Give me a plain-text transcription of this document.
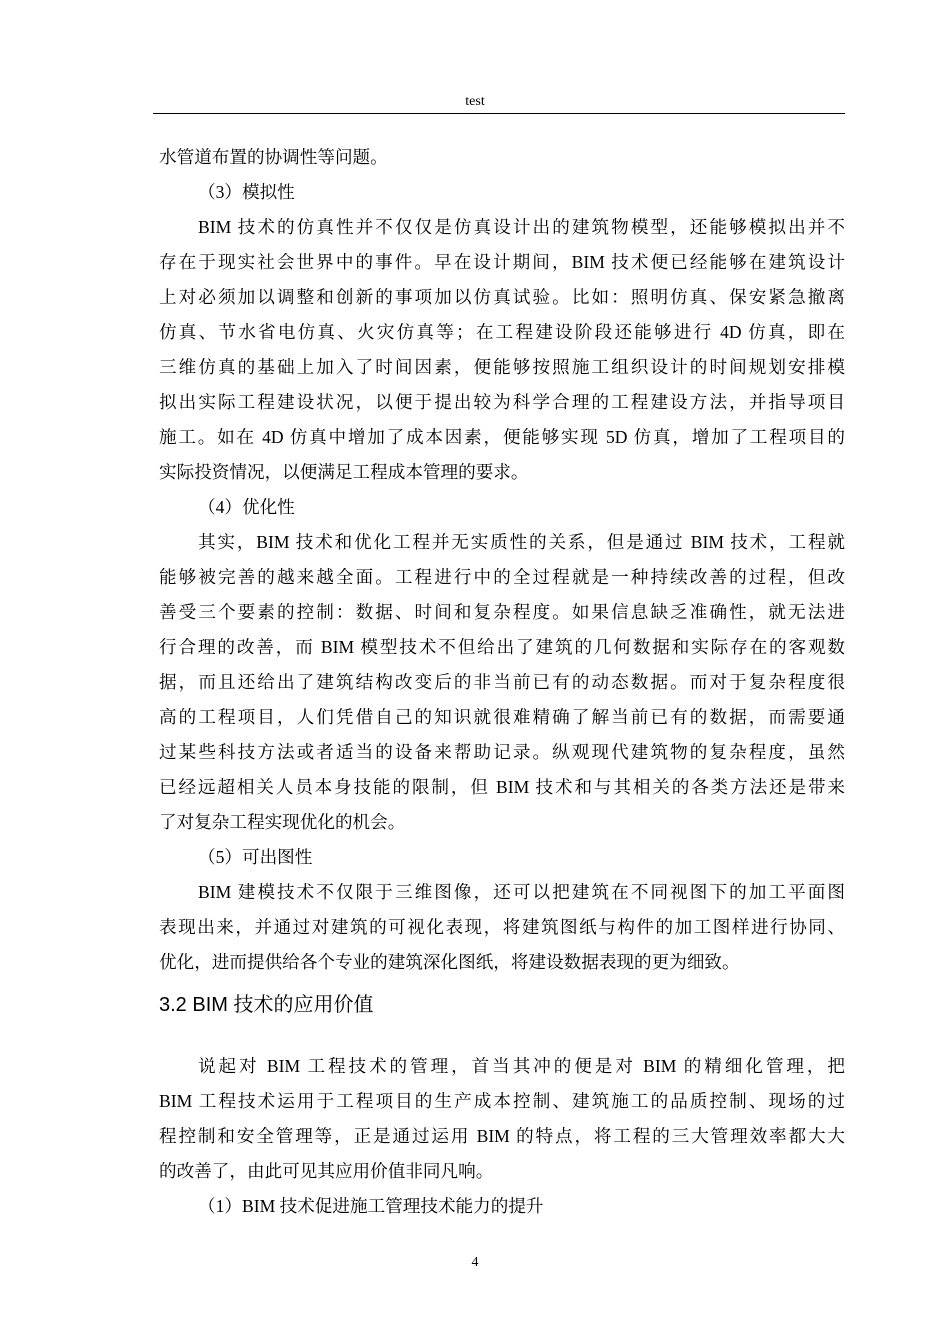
test
水管道布置的协调性等问题。
（3）模拟性
BIM 技术的仿真性并不仅仅是仿真设计出的建筑物模型，还能够模拟出并不
存在于现实社会世界中的事件。早在设计期间，BIM 技术便已经能够在建筑设计
上对必须加以调整和创新的事项加以仿真试验。比如：照明仿真、保安紧急撤离
仿真、节水省电仿真、火灾仿真等；在工程建设阶段还能够进行 4D 仿真，即在
三维仿真的基础上加入了时间因素，便能够按照施工组织设计的时间规划安排模
拟出实际工程建设状况，以便于提出较为科学合理的工程建设方法，并指导项目
施工。如在 4D 仿真中增加了成本因素，便能够实现 5D 仿真，增加了工程项目的
实际投资情况，以便满足工程成本管理的要求。
（4）优化性
其实，BIM 技术和优化工程并无实质性的关系，但是通过 BIM 技术，工程就
能够被完善的越来越全面。工程进行中的全过程就是一种持续改善的过程，但改
善受三个要素的控制：数据、时间和复杂程度。如果信息缺乏准确性，就无法进
行合理的改善，而 BIM 模型技术不但给出了建筑的几何数据和实际存在的客观数
据，而且还给出了建筑结构改变后的非当前已有的动态数据。而对于复杂程度很
高的工程项目，人们凭借自己的知识就很难精确了解当前已有的数据，而需要通
过某些科技方法或者适当的设备来帮助记录。纵观现代建筑物的复杂程度，虽然
已经远超相关人员本身技能的限制，但 BIM 技术和与其相关的各类方法还是带来
了对复杂工程实现优化的机会。
（5）可出图性
BIM 建模技术不仅限于三维图像，还可以把建筑在不同视图下的加工平面图
表现出来，并通过对建筑的可视化表现，将建筑图纸与构件的加工图样进行协同、
优化，进而提供给各个专业的建筑深化图纸，将建设数据表现的更为细致。
3.2 BIM 技术的应用价值
说起对 BIM 工程技术的管理，首当其冲的便是对 BIM 的精细化管理，把
BIM 工程技术运用于工程项目的生产成本控制、建筑施工的品质控制、现场的过
程控制和安全管理等，正是通过运用 BIM 的特点，将工程的三大管理效率都大大
的改善了，由此可见其应用价值非同凡响。
（1）BIM 技术促进施工管理技术能力的提升
4
